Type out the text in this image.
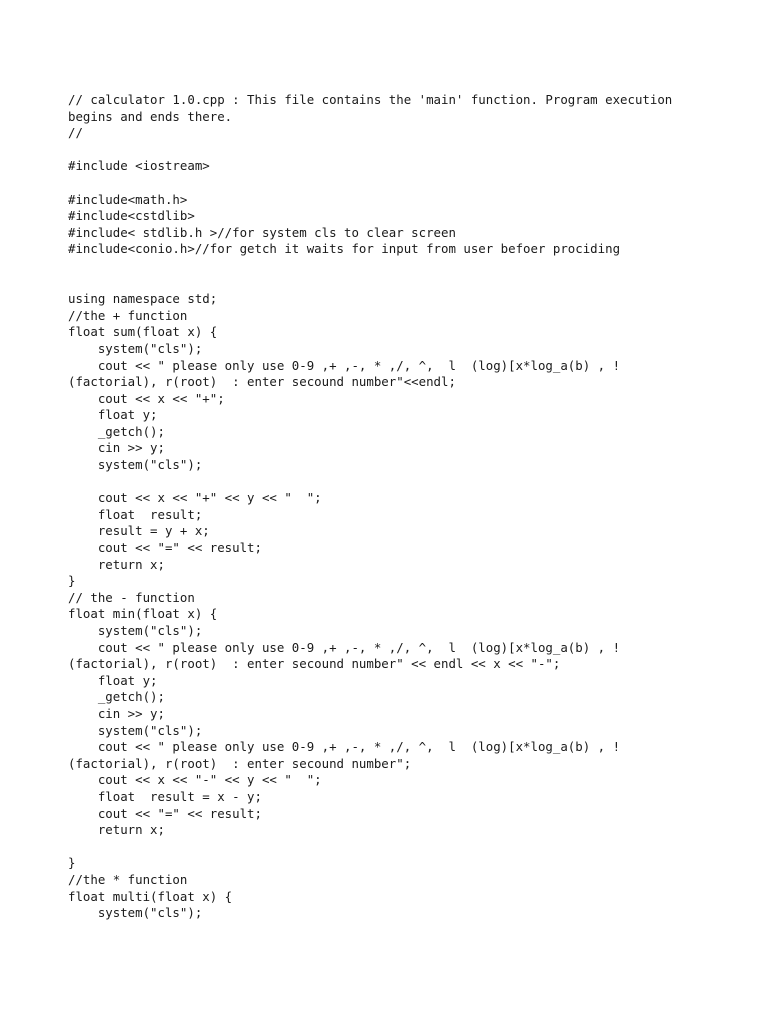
// calculator 1.0.cpp : This file contains the 'main' function. Program execution
begins and ends there.
//
#include <iostream>
#include<math.h>
#include<cstdlib>
#include< stdlib.h >//for system cls to clear screen
#include<conio.h>//for getch it waits for input from user befoer prociding
using namespace std;
//the + function
float sum(float x) {
system("cls");
cout << " please only use 0-9 ,+ ,-, * ,/, ^,  l  (log)[x*log_a(b) , !
(factorial), r(root)  : enter secound number"<<endl;
cout << x << "+";
float y;
_getch();
cin >> y;
system("cls");
cout << x << "+" << y << "  ";
float  result;
result = y + x;
cout << "=" << result;
return x;
}
// the - function
float min(float x) {
system("cls");
cout << " please only use 0-9 ,+ ,-, * ,/, ^,  l  (log)[x*log_a(b) , !
(factorial), r(root)  : enter secound number" << endl << x << "-";
float y;
_getch();
cin >> y;
system("cls");
cout << " please only use 0-9 ,+ ,-, * ,/, ^,  l  (log)[x*log_a(b) , !
(factorial), r(root)  : enter secound number";
cout << x << "-" << y << "  ";
float  result = x - y;
cout << "=" << result;
return x;
}
//the * function
float multi(float x) {
system("cls");
